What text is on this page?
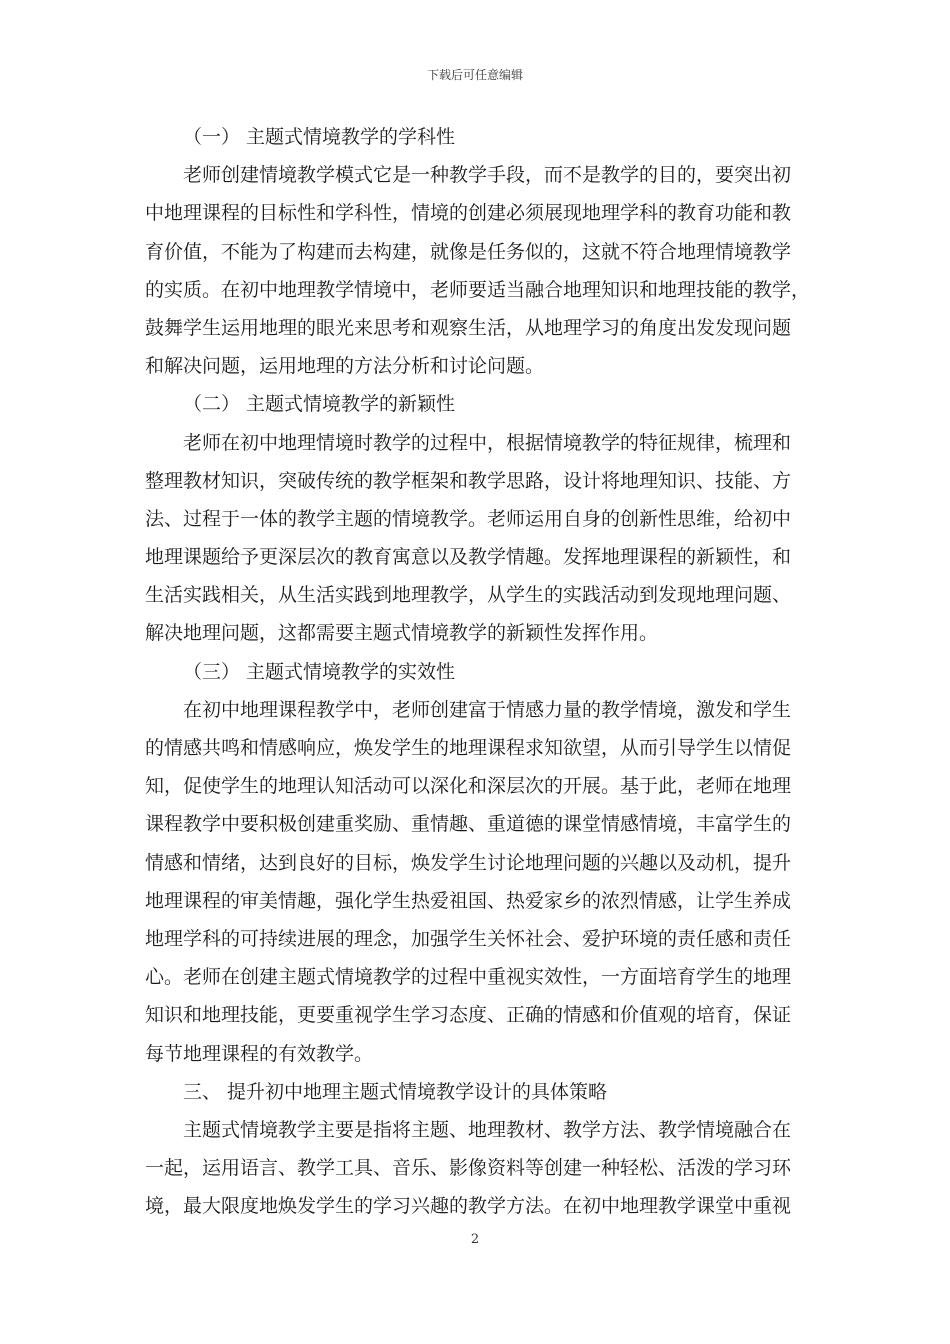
下载后可任意编辑
（一） 主题式情境教学的学科性
老师创建情境教学模式它是一种教学手段，而不是教学的目的，要突出初
中地理课程的目标性和学科性，情境的创建必须展现地理学科的教育功能和教
育价值，不能为了构建而去构建，就像是任务似的，这就不符合地理情境教学
的实质。在初中地理教学情境中，老师要适当融合地理知识和地理技能的教学，
鼓舞学生运用地理的眼光来思考和观察生活，从地理学习的角度出发发现问题
和解决问题，运用地理的方法分析和讨论问题。
（二） 主题式情境教学的新颖性
老师在初中地理情境时教学的过程中，根据情境教学的特征规律，梳理和
整理教材知识，突破传统的教学框架和教学思路，设计将地理知识、技能、方
法、过程于一体的教学主题的情境教学。老师运用自身的创新性思维，给初中
地理课题给予更深层次的教育寓意以及教学情趣。发挥地理课程的新颖性，和
生活实践相关，从生活实践到地理教学，从学生的实践活动到发现地理问题、
解决地理问题，这都需要主题式情境教学的新颖性发挥作用。
（三） 主题式情境教学的实效性
在初中地理课程教学中，老师创建富于情感力量的教学情境，激发和学生
的情感共鸣和情感响应，焕发学生的地理课程求知欲望，从而引导学生以情促
知，促使学生的地理认知活动可以深化和深层次的开展。基于此，老师在地理
课程教学中要积极创建重奖励、重情趣、重道德的课堂情感情境，丰富学生的
情感和情绪，达到良好的目标，焕发学生讨论地理问题的兴趣以及动机，提升
地理课程的审美情趣，强化学生热爱祖国、热爱家乡的浓烈情感，让学生养成
地理学科的可持续进展的理念，加强学生关怀社会、爱护环境的责任感和责任
心。老师在创建主题式情境教学的过程中重视实效性，一方面培育学生的地理
知识和地理技能，更要重视学生学习态度、正确的情感和价值观的培育，保证
每节地理课程的有效教学。
三、 提升初中地理主题式情境教学设计的具体策略
主题式情境教学主要是指将主题、地理教材、教学方法、教学情境融合在
一起，运用语言、教学工具、音乐、影像资料等创建一种轻松、活泼的学习环
境，最大限度地焕发学生的学习兴趣的教学方法。在初中地理教学课堂中重视
2
